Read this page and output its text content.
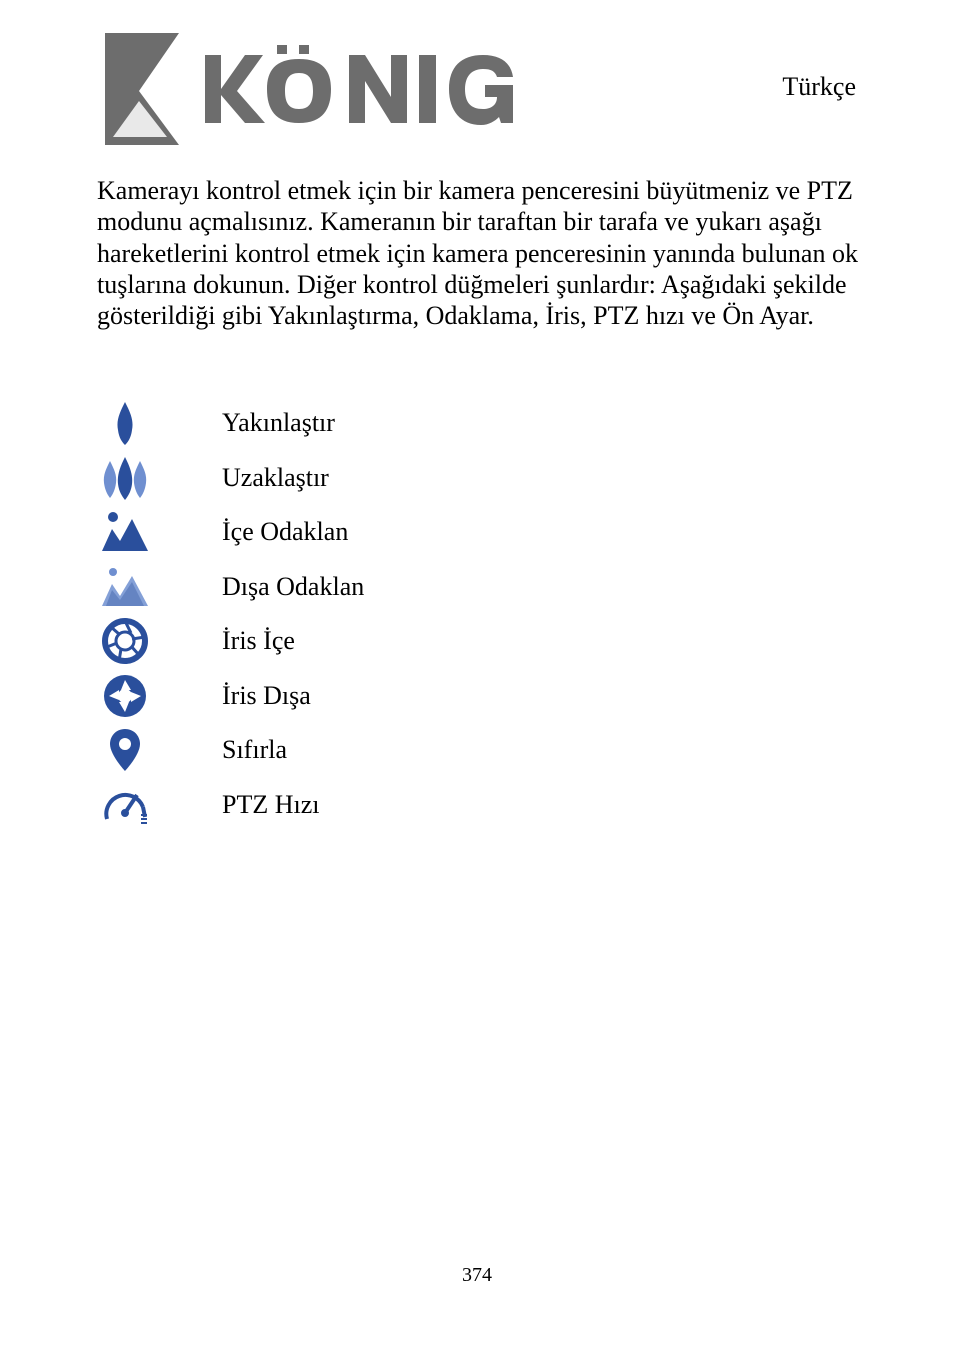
Türkçe

Kamerayı kontrol etmek için bir kamera penceresini büyütmeniz ve PTZ modunu açmalısınız. Kameranın bir taraftan bir tarafa ve yukarı aşağı hareketlerini kontrol etmek için kamera penceresinin yanında bulunan ok tuşlarına dokunun. Diğer kontrol düğmeleri şunlardır: Aşağıdaki şekilde gösterildiği gibi Yakınlaştırma, Odaklama, İris, PTZ hızı ve Ön Ayar.

Yakınlaştır
Uzaklaştır
İçe Odaklan
Dışa Odaklan
İris İçe
İris Dışa
Sıfırla
PTZ Hızı
374
